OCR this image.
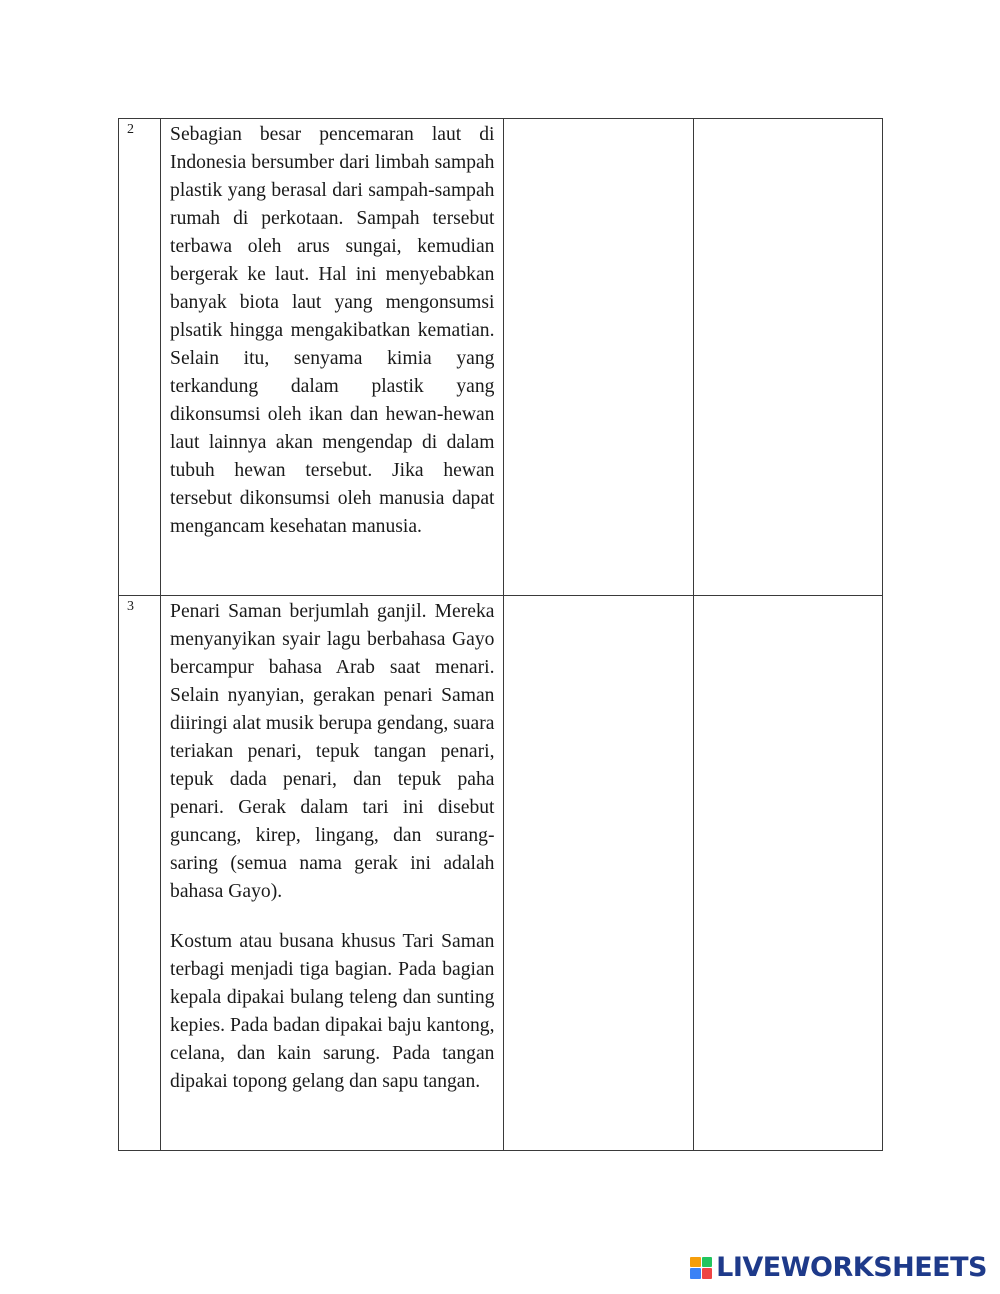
2	Sebagian besar pencemaran laut di Indonesia bersumber dari limbah sampah plastik yang berasal dari sampah-sampah rumah di perkotaan. Sampah tersebut terbawa oleh arus sungai, kemudian bergerak ke laut. Hal ini menyebabkan banyak biota laut yang mengonsumsi plsatik hingga mengakibatkan kematian. Selain itu, senyama kimia yang terkandung dalam plastik yang dikonsumsi oleh ikan dan hewan-hewan laut lainnya akan mengendap di dalam tubuh hewan tersebut. Jika hewan tersebut dikonsumsi oleh manusia dapat mengancam kesehatan manusia.		

3	Penari Saman berjumlah ganjil. Mereka menyanyikan syair lagu berbahasa Gayo bercampur bahasa Arab saat menari. Selain nyanyian, gerakan penari Saman diiringi alat musik berupa gendang, suara teriakan penari, tepuk tangan penari, tepuk dada penari, dan tepuk paha penari. Gerak dalam tari ini disebut guncang, kirep, lingang, dan surang-saring (semua nama gerak ini adalah bahasa Gayo).

Kostum atau busana khusus Tari Saman terbagi menjadi tiga bagian. Pada bagian kepala dipakai bulang teleng dan sunting kepies. Pada badan dipakai baju kantong, celana, dan kain sarung. Pada tangan dipakai topong gelang dan sapu tangan.		

LIVEWORKSHEETS
